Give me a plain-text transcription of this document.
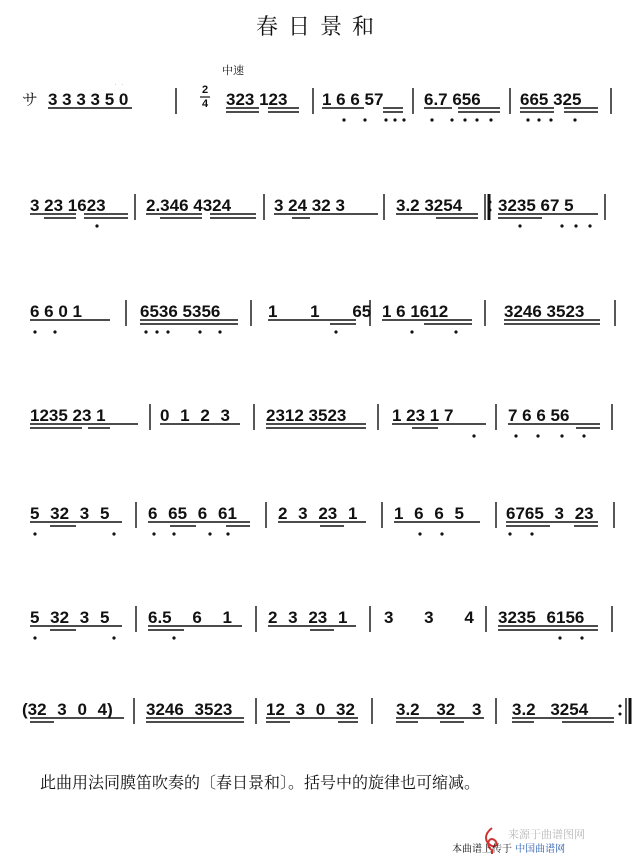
春日景和
中速
サ 3 3 3 3 5 0	2
4 323 123 1 6 6 57 6.7 656 665 325
3 23 1623 2.346 4324	3 24 32 3	3.2 3254 3235 67 5
6 6 0 1	6536 5356	1 1 65 1 6 1612	3246 3523
1235 23 1	0 1 2 3 2312 3523	1 23 1 7	7 6 6 56
5 32 3 5 6 65 6 61 2 3 23 1 1 6 6 5 6765 3 23
5 32 3 5 6.5 6 1 2 3 23 1 3 3 4 3235 6156
(32 3 0 4) 3246 3523 12 3 0 32 3.2 32 3 3.2 3254
此曲用法同膜笛吹奏的〔春日景和〕。括号中的旋律也可缩减。
来源于曲谱图网
本曲谱上传于 中国曲谱网
